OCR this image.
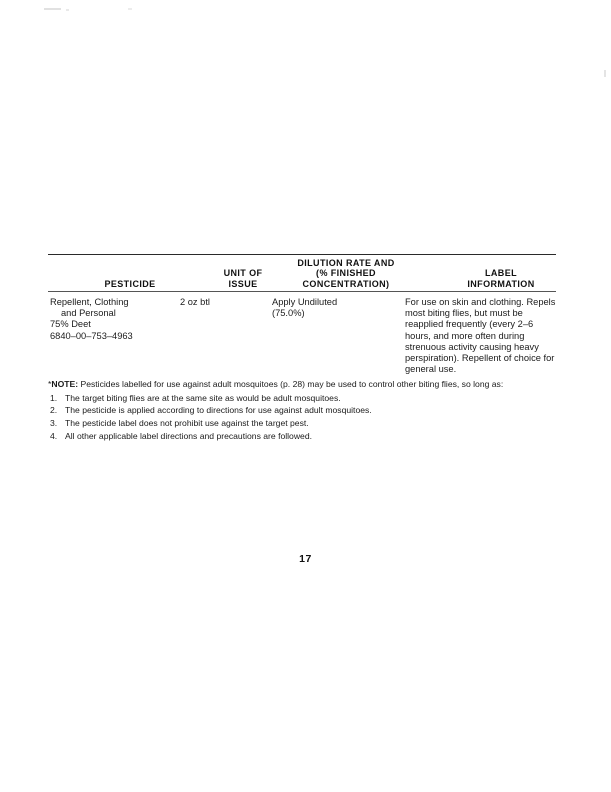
PESTICIDE
UNIT OF
ISSUE
DILUTION RATE AND
(% FINISHED
CONCENTRATION)
LABEL
INFORMATION
Repellent, Clothing

and Personal
75% Deet
6840–00–753–4963
2 oz btl	Apply Undiluted
(75.0%)
For use on skin and clothing. Repels most biting flies, but must be reapplied frequently (every 2–6 hours, and more often during strenuous activity causing heavy perspiration). Repellent of choice for general use.
*NOTE: Pesticides labelled for use against adult mosquitoes (p. 28) may be used to control other biting flies, so long as:
1. The target biting flies are at the same site as would be adult mosquitoes.
2. The pesticide is applied according to directions for use against adult mosquitoes.
3. The pesticide label does not prohibit use against the target pest.
4. All other applicable label directions and precautions are followed.
17
